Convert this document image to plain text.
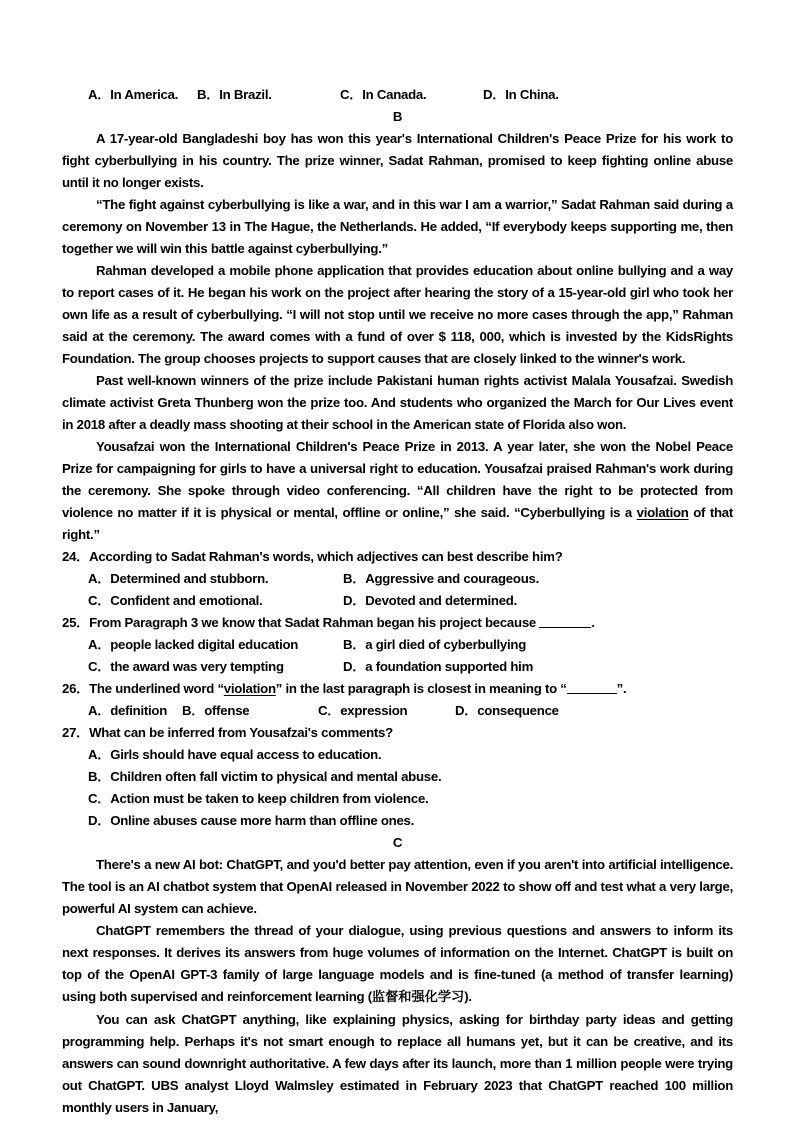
A．In America. B．In Brazil.	C．In Canada.	D．In China.
B

A 17-year-old Bangladeshi boy has won this year's International Children's Peace Prize for his work to fight cyberbullying in his country. The prize winner, Sadat Rahman, promised to keep fighting online abuse until it no longer exists.

“The fight against cyberbullying is like a war, and in this war I am a warrior,” Sadat Rahman said during a ceremony on November 13 in The Hague, the Netherlands. He added, “If everybody keeps supporting me, then together we will win this battle against cyberbullying.”

Rahman developed a mobile phone application that provides education about online bullying and a way to report cases of it. He began his work on the project after hearing the story of a 15-year-old girl who took her own life as a result of cyberbullying. “I will not stop until we receive no more cases through the app,” Rahman said at the ceremony. The award comes with a fund of over $ 118, 000, which is invested by the KidsRights Foundation. The group chooses projects to support causes that are closely linked to the winner's work.

Past well-known winners of the prize include Pakistani human rights activist Malala Yousafzai. Swedish climate activist Greta Thunberg won the prize too. And students who organized the March for Our Lives event in 2018 after a deadly mass shooting at their school in the American state of Florida also won.

Yousafzai won the International Children's Peace Prize in 2013. A year later, she won the Nobel Peace Prize for campaigning for girls to have a universal right to education. Yousafzai praised Rahman's work during the ceremony. She spoke through video conferencing. “All children have the right to be protected from violence no matter if it is physical or mental, offline or online,” she said. “Cyberbullying is a violation of that right.”

24．According to Sadat Rahman's words, which adjectives can best describe him?
A．Determined and stubborn.	B．Aggressive and courageous.
C．Confident and emotional.	D．Devoted and determined.
25．From Paragraph 3 we know that Sadat Rahman began his project because	.
A．people lacked digital education	B．a girl died of cyberbullying
C．the award was very tempting	D．a foundation supported him
26．The underlined word “violation” in the last paragraph is closest in meaning to “	”.
A．definition B．offense	C．expression	D．consequence
27．What can be inferred from Yousafzai's comments?
A．Girls should have equal access to education.
B．Children often fall victim to physical and mental abuse.
C．Action must be taken to keep children from violence.
D．Online abuses cause more harm than offline ones.
C

There's a new AI bot: ChatGPT, and you'd better pay attention, even if you aren't into artificial intelligence. The tool is an AI chatbot system that OpenAI released in November 2022 to show off and test what a very large, powerful AI system can achieve.

ChatGPT remembers the thread of your dialogue, using previous questions and answers to inform its next responses. It derives its answers from huge volumes of information on the Internet. ChatGPT is built on top of the OpenAI GPT-3 family of large language models and is fine-tuned (a method of transfer learning) using both supervised and reinforcement learning (监督和强化学习).

You can ask ChatGPT anything, like explaining physics, asking for birthday party ideas and getting programming help. Perhaps it's not smart enough to replace all humans yet, but it can be creative, and its answers can sound downright authoritative. A few days after its launch, more than 1 million people were trying out ChatGPT. UBS analyst Lloyd Walmsley estimated in February 2023 that ChatGPT reached 100 million monthly users in January,
